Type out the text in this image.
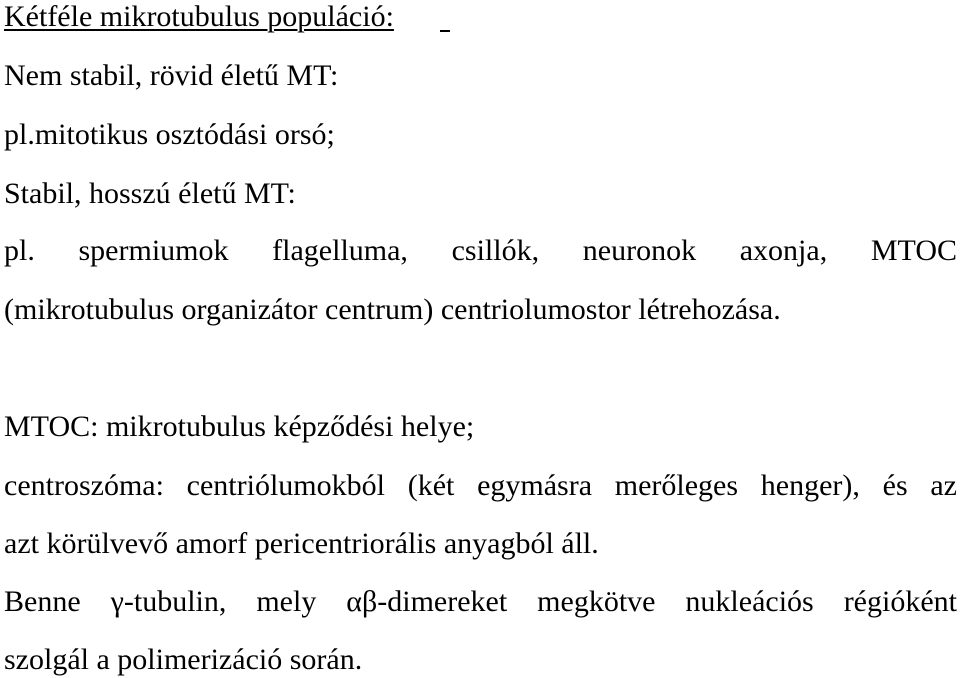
Kétféle mikrotubulus populáció:
Nem stabil, rövid életű MT:
pl.mitotikus osztódási orsó;
Stabil, hosszú életű MT:
pl. spermiumok flagelluma, csillók, neuronok axonja, MTOC
(mikrotubulus organizátor centrum) centriolumostor létrehozása.
MTOC: mikrotubulus képződési helye;
centroszóma: centriólumokból (két egymásra merőleges henger), és az
azt körülvevő amorf pericentriorális anyagból áll.
Benne γ-tubulin, mely αβ-dimereket megkötve nukleációs régióként
szolgál a polimerizáció során.
